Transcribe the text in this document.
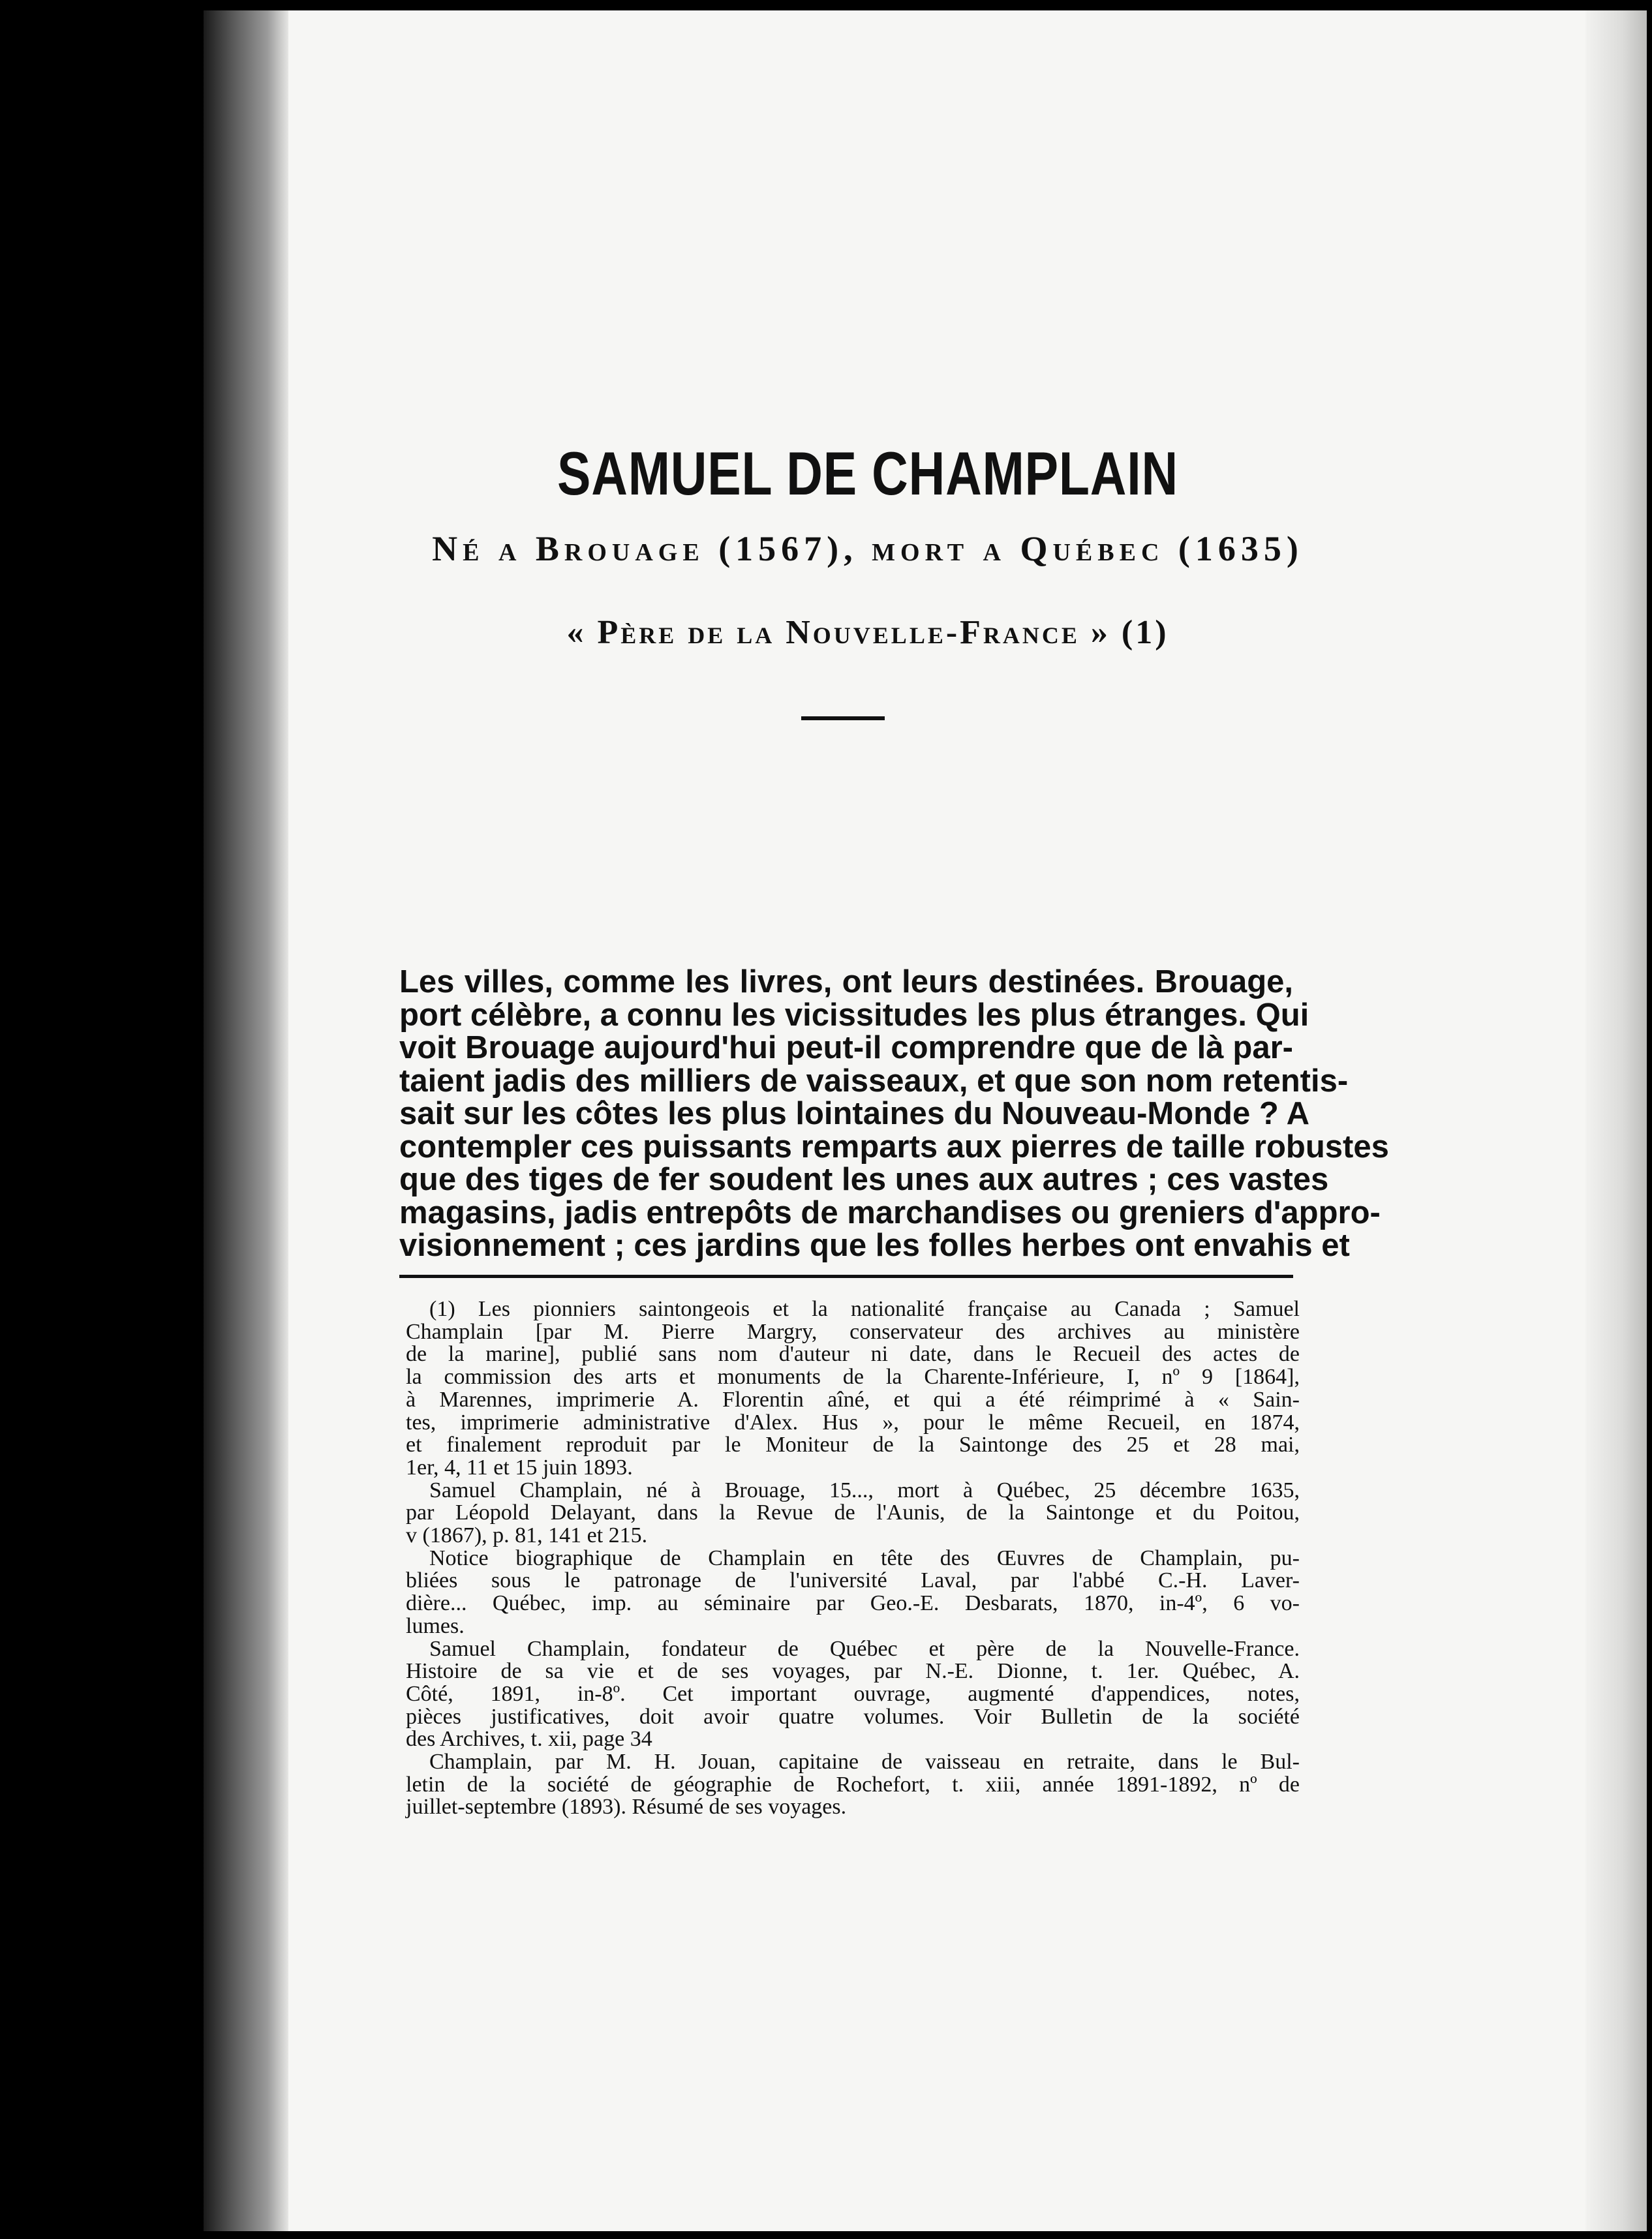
SAMUEL DE CHAMPLAIN
Né a Brouage (1567), mort a Québec (1635)
« Père de la Nouvelle-France » (1)
Les villes, comme les livres, ont leurs destinées. Brouage,
port célèbre, a connu les vicissitudes les plus étranges. Qui
voit Brouage aujourd'hui peut-il comprendre que de là par-
taient jadis des milliers de vaisseaux, et que son nom retentis-
sait sur les côtes les plus lointaines du Nouveau-Monde ? A
contempler ces puissants remparts aux pierres de taille robustes
que des tiges de fer soudent les unes aux autres ; ces vastes
magasins, jadis entrepôts de marchandises ou greniers d'appro-
visionnement ; ces jardins que les folles herbes ont envahis et
(1) Les pionniers saintongeois et la nationalité française au Canada ; Samuel
Champlain [par M. Pierre Margry, conservateur des archives au ministère
de la marine], publié sans nom d'auteur ni date, dans le Recueil des actes de
la commission des arts et monuments de la Charente-Inférieure, I, nº 9 [1864],
à Marennes, imprimerie A. Florentin aîné, et qui a été réimprimé à « Sain-
tes, imprimerie administrative d'Alex. Hus », pour le même Recueil, en 1874,
et finalement reproduit par le Moniteur de la Saintonge des 25 et 28 mai,
1er, 4, 11 et 15 juin 1893.
Samuel Champlain, né à Brouage, 15..., mort à Québec, 25 décembre 1635,
par Léopold Delayant, dans la Revue de l'Aunis, de la Saintonge et du Poitou,
v (1867), p. 81, 141 et 215.
Notice biographique de Champlain en tête des Œuvres de Champlain, pu-
bliées sous le patronage de l'université Laval, par l'abbé C.-H. Laver-
dière... Québec, imp. au séminaire par Geo.-E. Desbarats, 1870, in-4º, 6 vo-
lumes.
Samuel Champlain, fondateur de Québec et père de la Nouvelle-France.
Histoire de sa vie et de ses voyages, par N.-E. Dionne, t. 1er. Québec, A.
Côté, 1891, in-8º. Cet important ouvrage, augmenté d'appendices, notes,
pièces justificatives, doit avoir quatre volumes. Voir Bulletin de la société
des Archives, t. xii, page 34
Champlain, par M. H. Jouan, capitaine de vaisseau en retraite, dans le Bul-
letin de la société de géographie de Rochefort, t. xiii, année 1891-1892, nº de
juillet-septembre (1893). Résumé de ses voyages.
